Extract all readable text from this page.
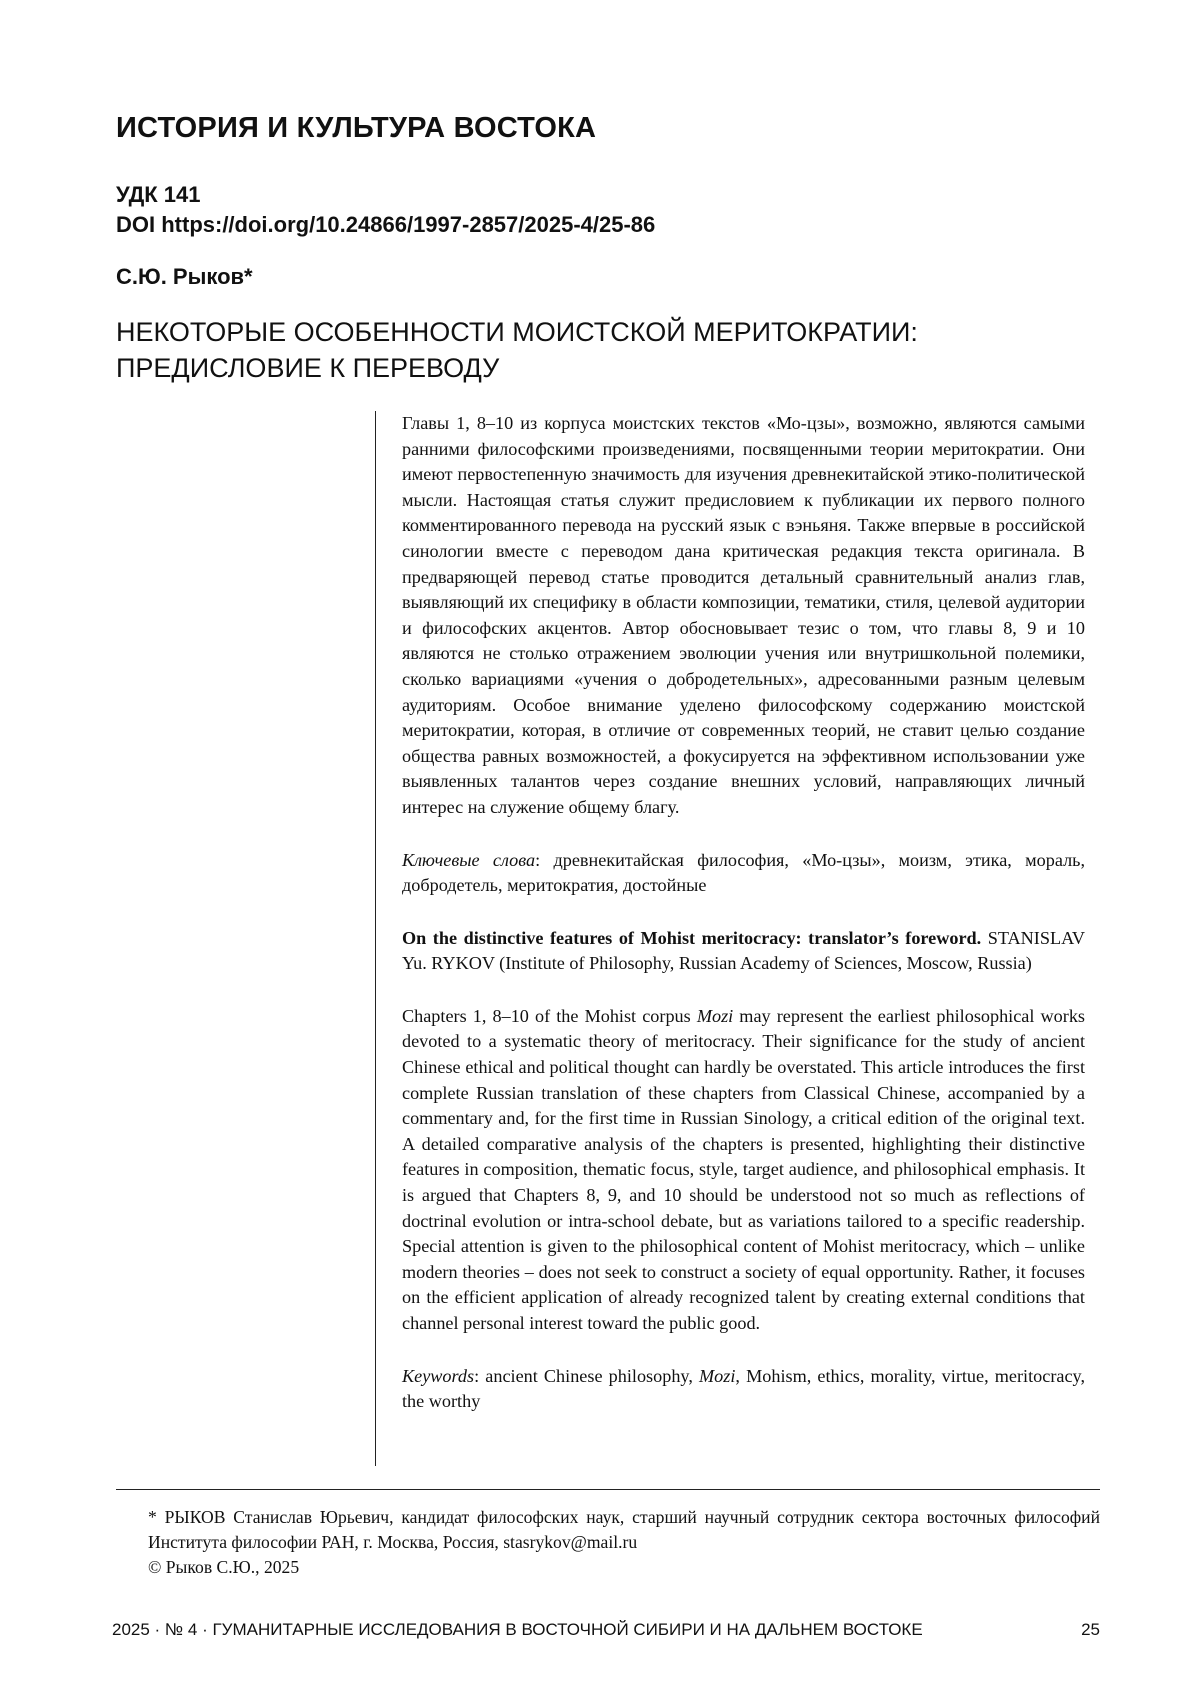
ИСТОРИЯ И КУЛЬТУРА ВОСТОКА
УДК 141
DOI https://doi.org/10.24866/1997-2857/2025-4/25-86
С.Ю. Рыков*
НЕКОТОРЫЕ ОСОБЕННОСТИ МОИСТСКОЙ МЕРИТОКРАТИИ:
ПРЕДИСЛОВИЕ К ПЕРЕВОДУ

Главы 1, 8–10 из корпуса моистских текстов «Мо-цзы», возможно, являются самыми ранними философскими произведениями, посвященными теории меритократии. Они имеют первостепенную значимость для изучения древнекитайской этико-политической мысли. Настоящая статья служит предисловием к публикации их первого полного комментированного перевода на русский язык с вэньяня. Также впервые в российской синологии вместе с переводом дана критическая редакция текста оригинала. В предваряющей перевод статье проводится детальный сравнительный анализ глав, выявляющий их специфику в области композиции, тематики, стиля, целевой аудитории и философских акцентов. Автор обосновывает тезис о том, что главы 8, 9 и 10 являются не столько отражением эволюции учения или внутришкольной полемики, сколько вариациями «учения о добродетельных», адресованными разным целевым аудиториям. Особое внимание уделено философскому содержанию моистской меритократии, которая, в отличие от современных теорий, не ставит целью создание общества равных возможностей, а фокусируется на эффективном использовании уже выявленных талантов через создание внешних условий, направляющих личный интерес на служение общему благу.

Ключевые слова: древнекитайская философия, «Мо-цзы», моизм, этика, мораль, добродетель, меритократия, достойные

On the distinctive features of Mohist meritocracy: translator’s foreword. STANISLAV Yu. RYKOV (Institute of Philosophy, Russian Academy of Sciences, Moscow, Russia)

Chapters 1, 8–10 of the Mohist corpus Mozi may represent the earliest philosophical works devoted to a systematic theory of meritocracy. Their significance for the study of ancient Chinese ethical and political thought can hardly be overstated. This article introduces the first complete Russian translation of these chapters from Classical Chinese, accompanied by a commentary and, for the first time in Russian Sinology, a critical edition of the original text. A detailed comparative analysis of the chapters is presented, highlighting their distinctive features in composition, thematic focus, style, target audience, and philosophical emphasis. It is argued that Chapters 8, 9, and 10 should be understood not so much as reflections of doctrinal evolution or intra-school debate, but as variations tailored to a specific readership. Special attention is given to the philosophical content of Mohist meritocracy, which – unlike modern theories – does not seek to construct a society of equal opportunity. Rather, it focuses on the efficient application of already recognized talent by creating external conditions that channel personal interest toward the public good.

Keywords: ancient Chinese philosophy, Mozi, Mohism, ethics, morality, virtue, meritocracy, the worthy

* РЫКОВ Станислав Юрьевич, кандидат философских наук, старший научный сотрудник сектора восточных философий Института философии РАН, г. Москва, Россия, stasrykov@mail.ru

© Рыков С.Ю., 2025

2025 · № 4 · ГУМАНИТАРНЫЕ ИССЛЕДОВАНИЯ В ВОСТОЧНОЙ СИБИРИ И НА ДАЛЬНЕМ ВОСТОКЕ	25
